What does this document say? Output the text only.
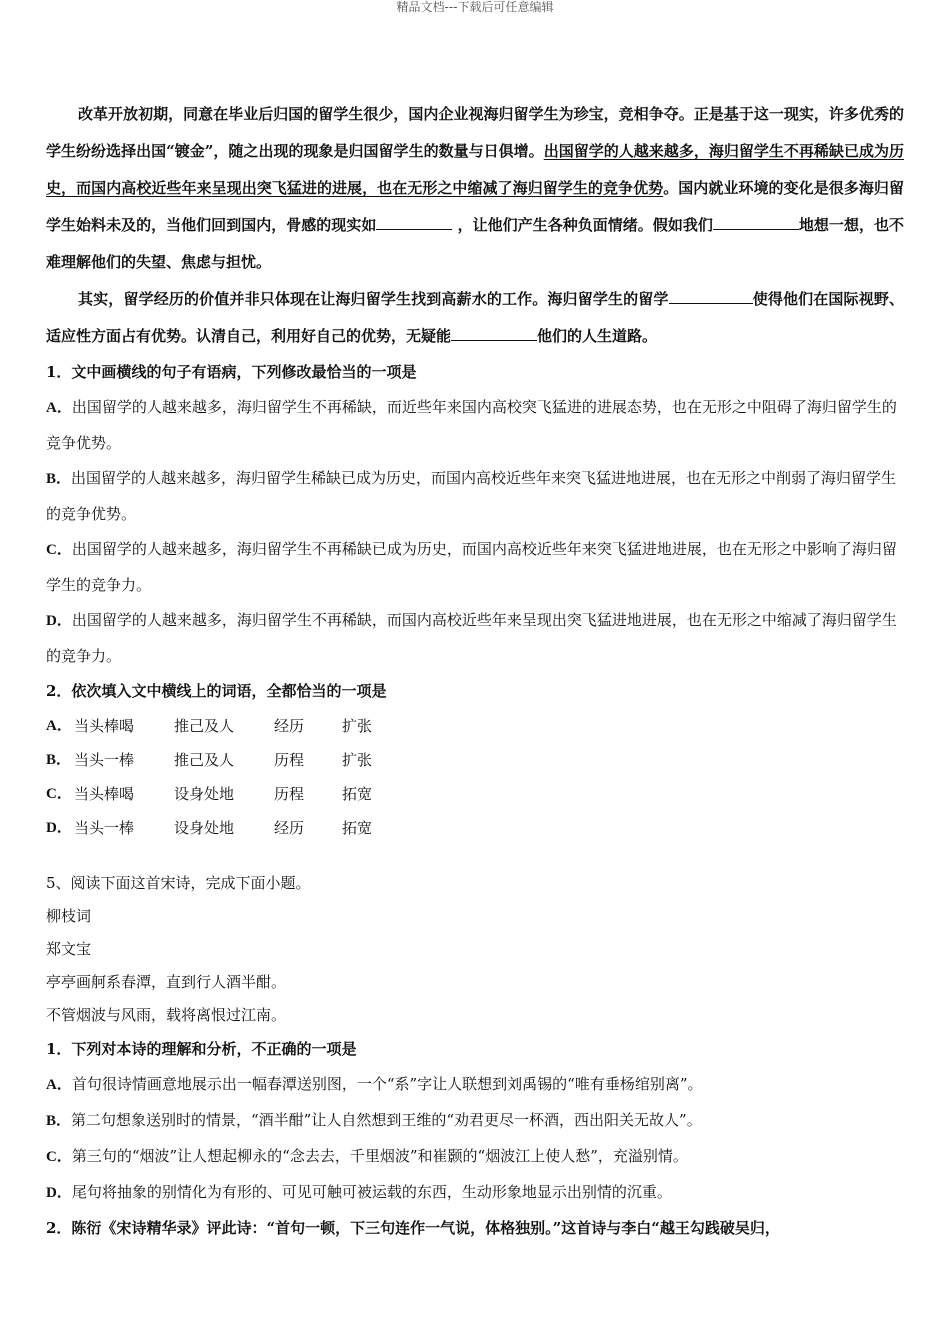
精品文档---下载后可任意编辑

改革开放初期，同意在毕业后归国的留学生很少，国内企业视海归留学生为珍宝，竞相争夺。正是基于这一现实，许多优秀的学生纷纷选择出国“镀金”，随之出现的现象是归国留学生的数量与日俱增。出国留学的人越来越多，海归留学生不再稀缺已成为历史，而国内高校近些年来呈现出突飞猛进的进展，也在无形之中缩减了海归留学生的竞争优势。国内就业环境的变化是很多海归留学生始料未及的，当他们回到国内，骨感的现实如	，让他们产生各种负面情绪。假如我们	地想一想，也不难理解他们的失望、焦虑与担忧。

其实，留学经历的价值并非只体现在让海归留学生找到高薪水的工作。海归留学生的留学	使得他们在国际视野、适应性方面占有优势。认清自己，利用好自己的优势，无疑能	他们的人生道路。

1．文中画横线的句子有语病，下列修改最恰当的一项是

A．出国留学的人越来越多，海归留学生不再稀缺，而近些年来国内高校突飞猛进的进展态势，也在无形之中阻碍了海归留学生的竞争优势。

B．出国留学的人越来越多，海归留学生稀缺已成为历史，而国内高校近些年来突飞猛进地进展，也在无形之中削弱了海归留学生的竞争优势。

C．出国留学的人越来越多，海归留学生不再稀缺已成为历史，而国内高校近些年来突飞猛进地进展，也在无形之中影响了海归留学生的竞争力。

D．出国留学的人越来越多，海归留学生不再稀缺，而国内高校近些年来呈现出突飞猛进地进展，也在无形之中缩减了海归留学生的竞争力。

2．依次填入文中横线上的词语，全都恰当的一项是

A． 当头棒喝	推己及人	经历	扩张
B． 当头一棒	推己及人	历程	扩张
C． 当头棒喝	设身处地	历程	拓宽
D． 当头一棒	设身处地	经历	拓宽

5、阅读下面这首宋诗，完成下面小题。

柳枝词

郑文宝

亭亭画舸系春潭，直到行人酒半酣。

不管烟波与风雨，载将离恨过江南。

1．下列对本诗的理解和分析，不正确的一项是

A．首句很诗情画意地展示出一幅春潭送别图，一个“系”字让人联想到刘禹锡的“唯有垂杨绾别离”。

B．第二句想象送别时的情景，“酒半酣”让人自然想到王维的“劝君更尽一杯酒，西出阳关无故人”。

C．第三句的“烟波”让人想起柳永的“念去去，千里烟波”和崔颢的“烟波江上使人愁”，充溢别情。

D．尾句将抽象的别情化为有形的、可见可触可被运载的东西，生动形象地显示出别情的沉重。

2．陈衍《宋诗精华录》评此诗：“首句一顿，下三句连作一气说，体格独别。”这首诗与李白“越王勾践破吴归，
